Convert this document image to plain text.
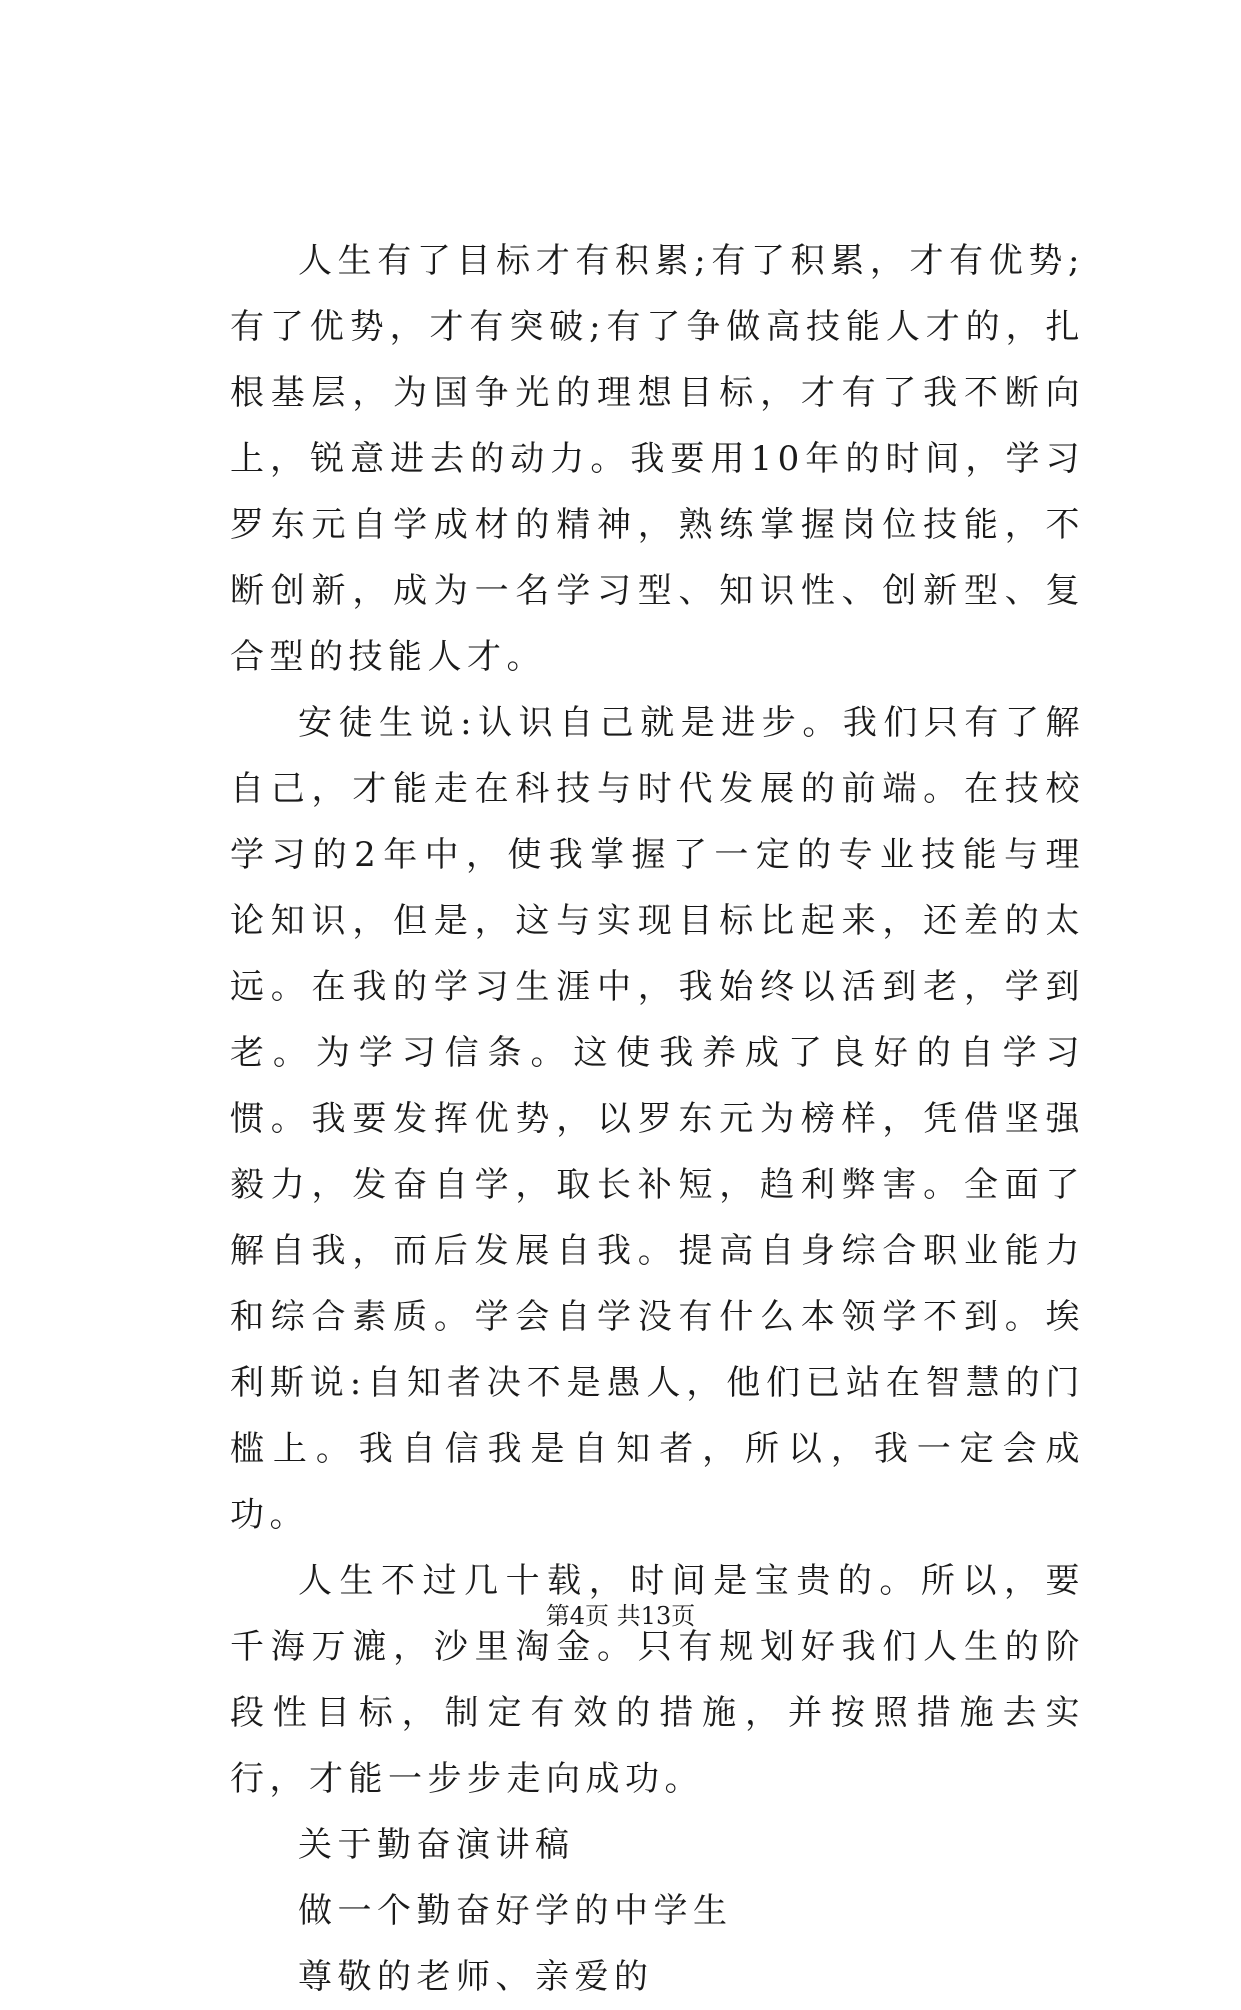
人生有了目标才有积累;有了积累，才有优势;有了优势，才有突破;有了争做高技能人才的，扎根基层，为国争光的理想目标，才有了我不断向上，锐意进去的动力。我要用10年的时间，学习罗东元自学成材的精神，熟练掌握岗位技能，不断创新，成为一名学习型、知识性、创新型、复合型的技能人才。

安徒生说:认识自己就是进步。我们只有了解自己，才能走在科技与时代发展的前端。在技校学习的2年中，使我掌握了一定的专业技能与理论知识，但是，这与实现目标比起来，还差的太远。在我的学习生涯中，我始终以活到老，学到老。为学习信条。这使我养成了良好的自学习惯。我要发挥优势，以罗东元为榜样，凭借坚强毅力，发奋自学，取长补短，趋利弊害。全面了解自我，而后发展自我。提高自身综合职业能力和综合素质。学会自学没有什么本领学不到。埃利斯说:自知者决不是愚人，他们已站在智慧的门槛上。我自信我是自知者，所以，我一定会成功。

人生不过几十载，时间是宝贵的。所以，要千海万漉，沙里淘金。只有规划好我们人生的阶段性目标，制定有效的措施，并按照措施去实行，才能一步步走向成功。

关于勤奋演讲稿

做一个勤奋好学的中学生

尊敬的老师、亲爱的

第4页 共13页
